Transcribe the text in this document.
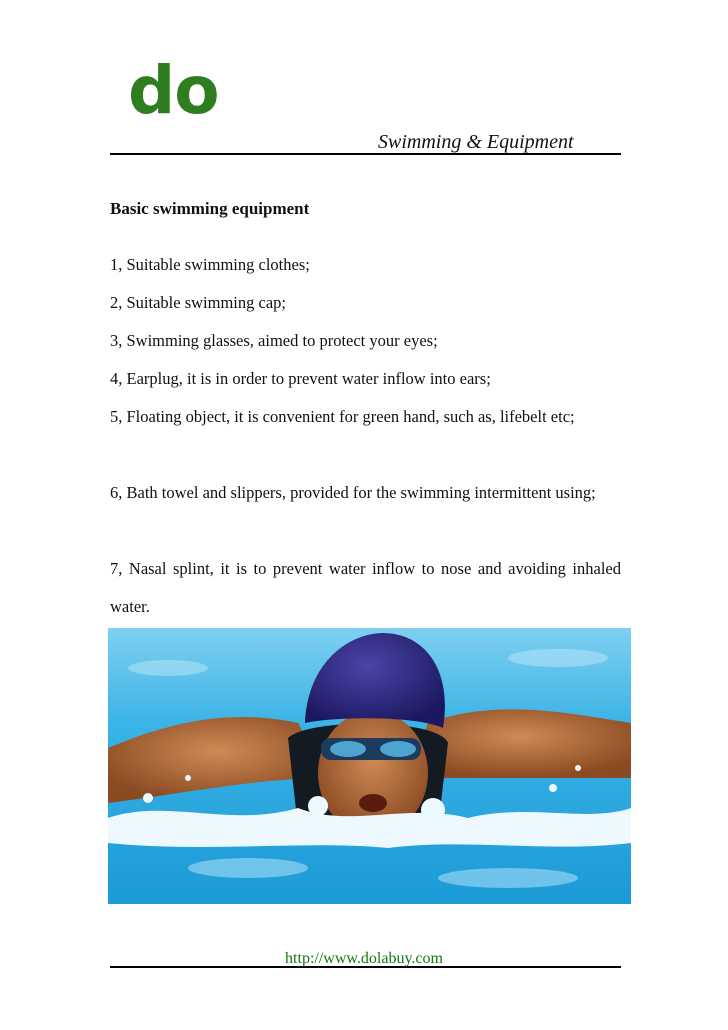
do
Swimming & Equipment
Basic swimming equipment
1, Suitable swimming clothes;
2, Suitable swimming cap;
3, Swimming glasses, aimed to protect your eyes;
4, Earplug, it is in order to prevent water inflow into ears;
5, Floating object, it is convenient for green hand, such as, lifebelt etc;
6, Bath towel and slippers, provided for the swimming intermittent using;
7, Nasal splint, it is to prevent water inflow to nose and avoiding inhaled water.
http://www.dolabuy.com
